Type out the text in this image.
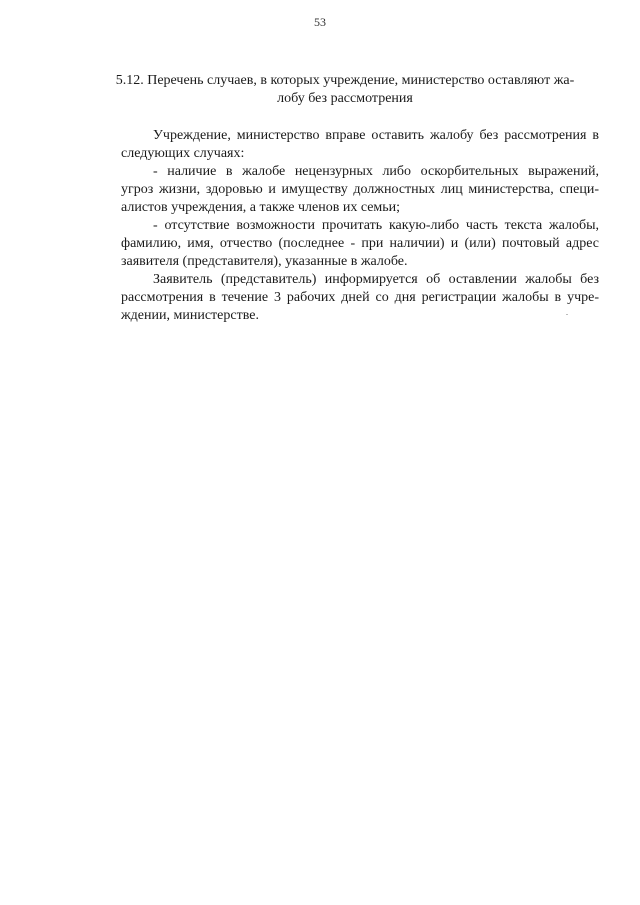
53
5.12. Перечень случаев, в которых учреждение, министерство оставляют жа-
лобу без рассмотрения
Учреждение, министерство вправе оставить жалобу без рассмотрения в
следующих случаях:
- наличие в жалобе нецензурных либо оскорбительных выражений,
угроз жизни, здоровью и имуществу должностных лиц министерства, специ-
алистов учреждения, а также членов их семьи;
- отсутствие возможности прочитать какую-либо часть текста жалобы,
фамилию, имя, отчество (последнее - при наличии) и (или) почтовый адрес
заявителя (представителя), указанные в жалобе.
Заявитель (представитель) информируется об оставлении жалобы без
рассмотрения в течение 3 рабочих дней со дня регистрации жалобы в учре-
ждении, министерстве.
